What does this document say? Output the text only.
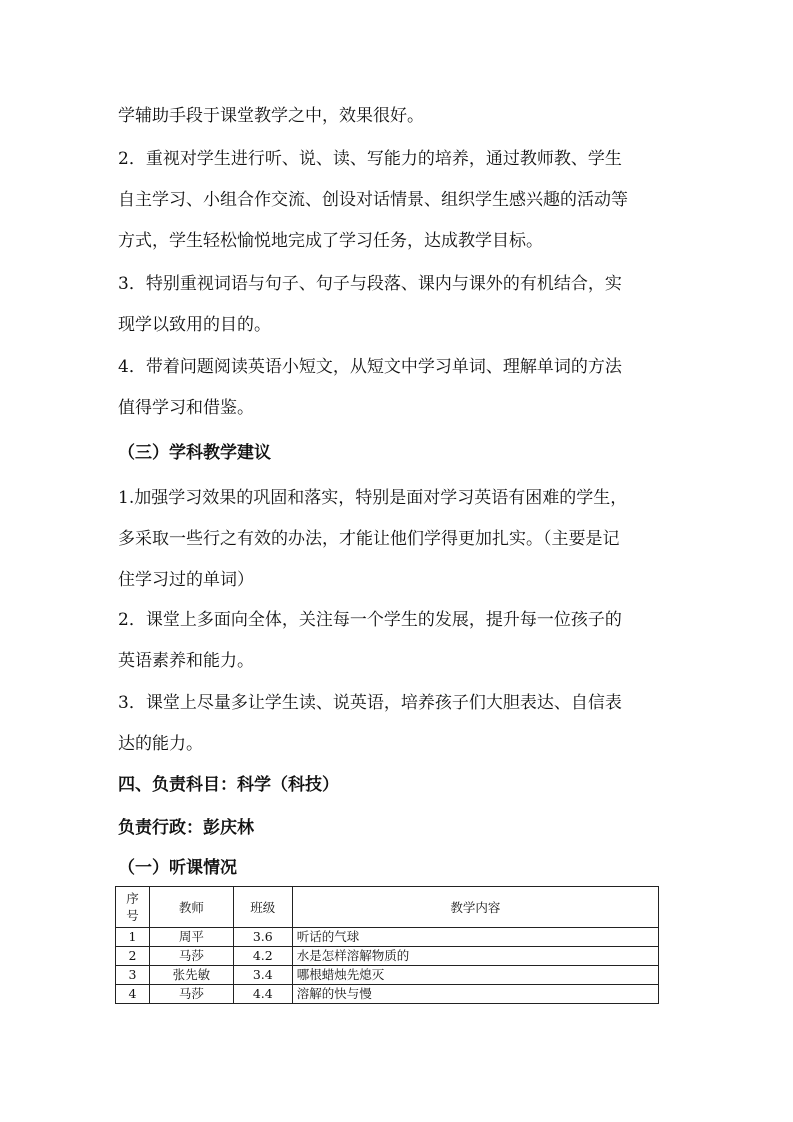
学辅助手段于课堂教学之中，效果很好。
2．重视对学生进行听、说、读、写能力的培养，通过教师教、学生
自主学习、小组合作交流、创设对话情景、组织学生感兴趣的活动等
方式，学生轻松愉悦地完成了学习任务，达成教学目标。
3．特别重视词语与句子、句子与段落、课内与课外的有机结合，实
现学以致用的目的。
4．带着问题阅读英语小短文，从短文中学习单词、理解单词的方法
值得学习和借鉴。
（三）学科教学建议
1.加强学习效果的巩固和落实，特别是面对学习英语有困难的学生，
多采取一些行之有效的办法，才能让他们学得更加扎实。（主要是记
住学习过的单词）
2．课堂上多面向全体，关注每一个学生的发展，提升每一位孩子的
英语素养和能力。
3．课堂上尽量多让学生读、说英语，培养孩子们大胆表达、自信表
达的能力。
四、负责科目：科学（科技）
负责行政：彭庆林
（一）听课情况
序号	教师	班级	教学内容
1	周平	3.6	听话的气球
2	马莎	4.2	水是怎样溶解物质的
3	张先敏	3.4	哪根蜡烛先熄灭
4	马莎	4.4	溶解的快与慢
